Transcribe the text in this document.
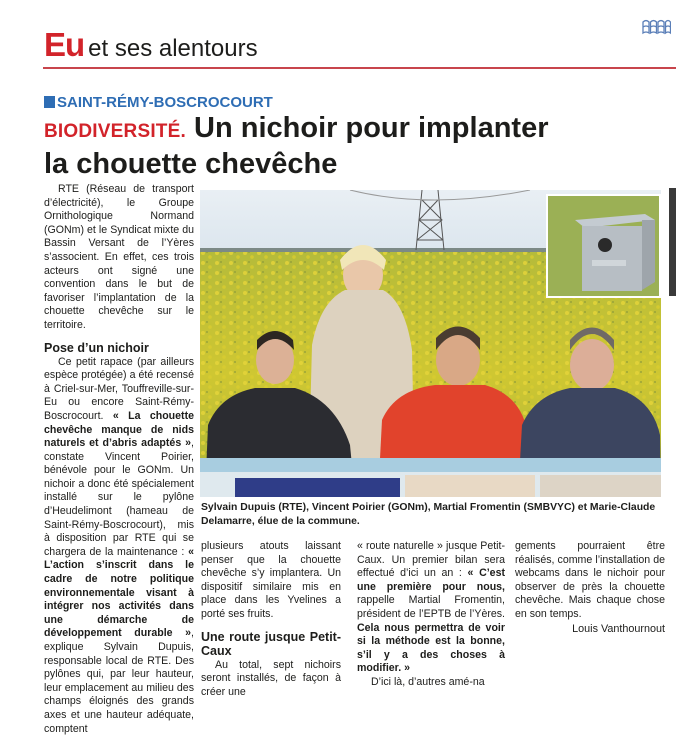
Eu et ses alentours
SAINT-RÉMY-BOSCROCOURT
BIODIVERSITÉ. Un nichoir pour implanter
la chouette chevêche

RTE (Réseau de transport d’électricité), le Groupe Ornithologique Normand (GONm) et le Syndicat mixte du Bassin Versant de l’Yères s’associent. En effet, ces trois acteurs ont signé une convention dans le but de favoriser l’implantation de la chouette chevêche sur le territoire.

Pose d’un nichoir

Ce petit rapace (par ailleurs espèce protégée) a été recensé à Criel-sur-Mer, Touffreville-sur-Eu ou encore Saint-Rémy-Boscrocourt. « La chouette chevêche manque de nids naturels et d’abris adaptés », constate Vincent Poirier, bénévole pour le GONm. Un nichoir a donc été spécialement installé sur le pylône d’Heudelimont (hameau de Saint-Rémy-Boscrocourt), mis à disposition par RTE qui se chargera de la maintenance : « L’action s’inscrit dans le cadre de notre politique environnementale visant à intégrer nos activités dans une démarche de développement durable », explique Sylvain Dupuis, responsable local de RTE. Des pylônes qui, par leur hauteur, leur emplacement au milieu des champs éloignés des grands axes et une hauteur adéquate, comptent

Sylvain Dupuis (RTE), Vincent Poirier (GONm), Martial Fromentin (SMBVYC) et Marie-Claude Delamarre, élue de la commune.

plusieurs atouts laissant penser que la chouette chevêche s’y implantera. Un dispositif similaire mis en place dans les Yvelines a porté ses fruits.

Une route jusque Petit-Caux

Au total, sept nichoirs seront installés, de façon à créer une

« route naturelle » jusque Petit-Caux. Un premier bilan sera effectué d’ici un an : « C’est une première pour nous, rappelle Martial Fromentin, président de l’EPTB de l’Yères. Cela nous permettra de voir si la méthode est la bonne, s’il y a des choses à modifier. »

D’ici là, d’autres amé-na

gements pourraient être réalisés, comme l’installation de webcams dans le nichoir pour observer de près la chouette chevêche. Mais chaque chose en son temps.

Louis Vanthournout
